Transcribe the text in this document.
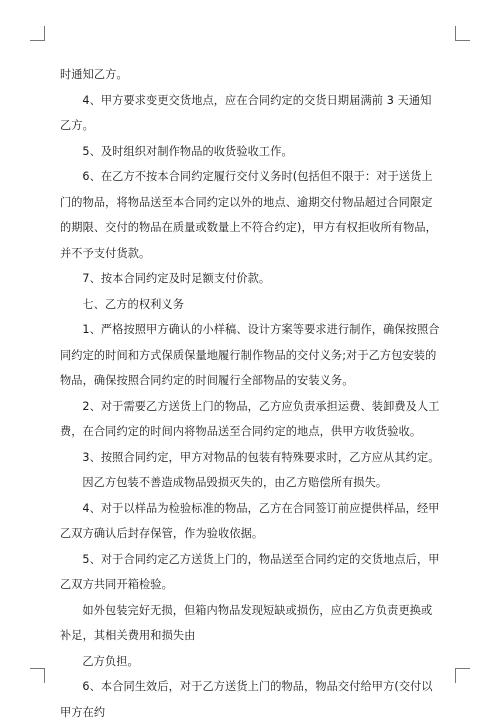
时通知乙方。

4、甲方要求变更交货地点，应在合同约定的交货日期届满前 3 天通知乙方。

5、及时组织对制作物品的收货验收工作。

6、在乙方不按本合同约定履行交付义务时(包括但不限于：对于送货上门的物品，将物品送至本合同约定以外的地点、逾期交付物品超过合同限定的期限、交付的物品在质量或数量上不符合约定)，甲方有权拒收所有物品，并不予支付货款。

7、按本合同约定及时足额支付价款。

七、乙方的权利义务

1、严格按照甲方确认的小样稿、设计方案等要求进行制作，确保按照合同约定的时间和方式保质保量地履行制作物品的交付义务;对于乙方包安装的物品，确保按照合同约定的时间履行全部物品的安装义务。

2、对于需要乙方送货上门的物品，乙方应负责承担运费、装卸费及人工费，在合同约定的时间内将物品送至合同约定的地点，供甲方收货验收。

3、按照合同约定，甲方对物品的包装有特殊要求时，乙方应从其约定。

因乙方包装不善造成物品毁损灭失的，由乙方赔偿所有损失。

4、对于以样品为检验标准的物品，乙方在合同签订前应提供样品，经甲乙双方确认后封存保管，作为验收依据。

5、对于合同约定乙方送货上门的，物品送至合同约定的交货地点后，甲乙双方共同开箱检验。

如外包装完好无损，但箱内物品发现短缺或损伤，应由乙方负责更换或补足，其相关费用和损失由

乙方负担。

6、本合同生效后，对于乙方送货上门的物品，物品交付给甲方(交付以甲方在约
